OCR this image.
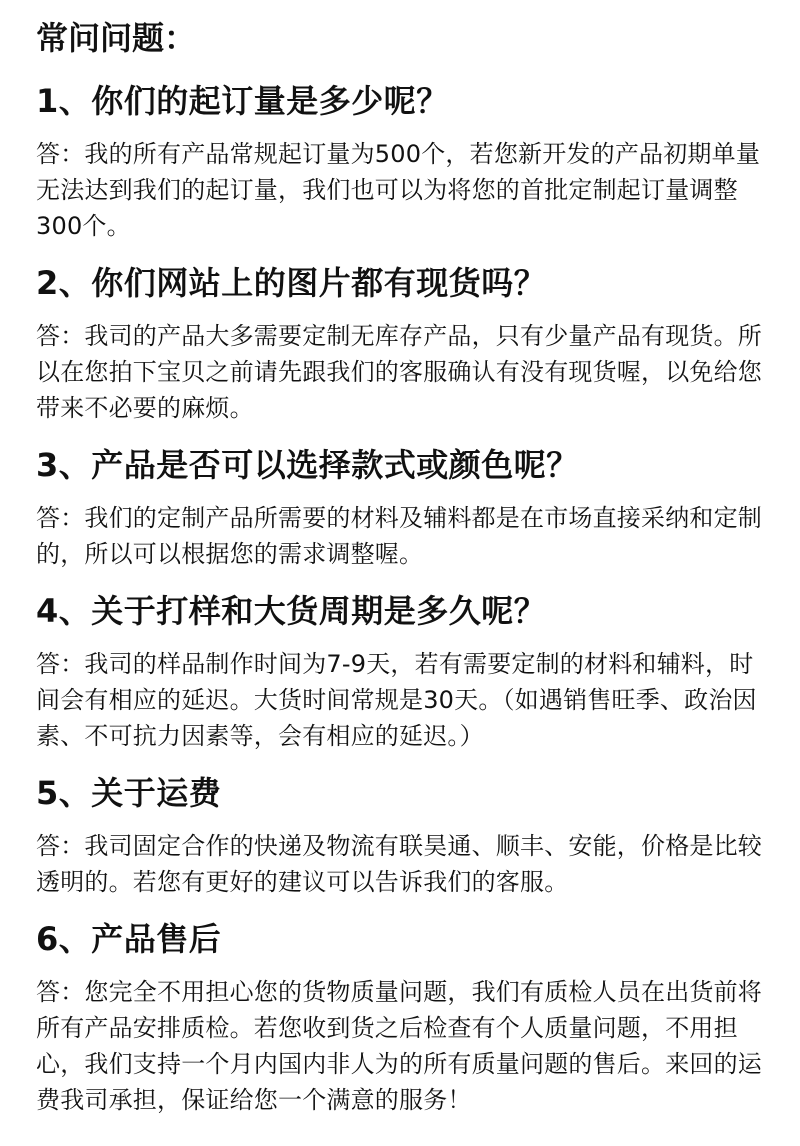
常问问题：
1、你们的起订量是多少呢？

答：我的所有产品常规起订量为500个，若您新开发的产品初期单量无法达到我们的起订量，我们也可以为将您的首批定制起订量调整300个。

2、你们网站上的图片都有现货吗？

答：我司的产品大多需要定制无库存产品，只有少量产品有现货。所以在您拍下宝贝之前请先跟我们的客服确认有没有现货喔，以免给您带来不必要的麻烦。

3、产品是否可以选择款式或颜色呢？

答：我们的定制产品所需要的材料及辅料都是在市场直接采纳和定制的，所以可以根据您的需求调整喔。

4、关于打样和大货周期是多久呢？

答：我司的样品制作时间为7-9天，若有需要定制的材料和辅料，时间会有相应的延迟。大货时间常规是30天。（如遇销售旺季、政治因素、不可抗力因素等，会有相应的延迟。）

5、关于运费

答：我司固定合作的快递及物流有联昊通、顺丰、安能，价格是比较透明的。若您有更好的建议可以告诉我们的客服。

6、产品售后

答：您完全不用担心您的货物质量问题，我们有质检人员在出货前将所有产品安排质检。若您收到货之后检查有个人质量问题，不用担心，我们支持一个月内国内非人为的所有质量问题的售后。来回的运费我司承担，保证给您一个满意的服务！
